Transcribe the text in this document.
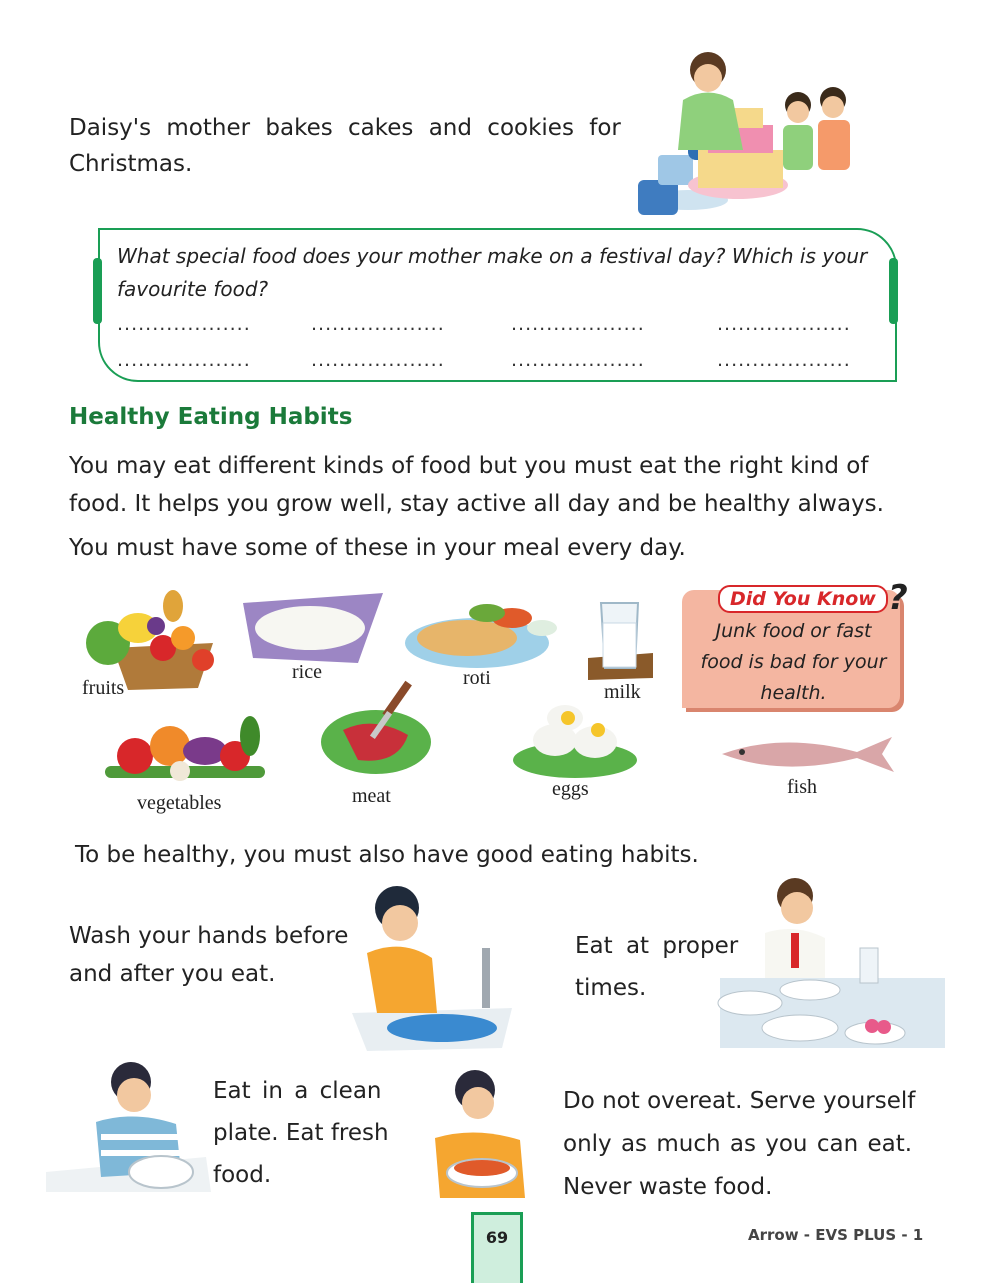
Daisy's mother bakes cakes and cookies for
Christmas.
What special food does your mother make on a festival day? Which is your
favourite food?
...................	...................	...................	...................
...................	...................	...................	...................
Healthy Eating Habits
You may eat different kinds of food but you must eat the right kind of
food. It helps you grow well, stay active all day and be healthy always.
You must have some of these in your meal every day.
fruits
rice	roti
milk
Did You Know ?
Junk food or fast
food is bad for your
health.
vegetables	meat	eggs	fish
To be healthy, you must also have good eating habits.
Wash your hands before
and after you eat.
Eat at proper
times.
Eat in a clean
plate. Eat fresh
food.
Do not overeat. Serve yourself
only as much as you can eat.
Never waste food.
69	Arrow - EVS PLUS - 1
